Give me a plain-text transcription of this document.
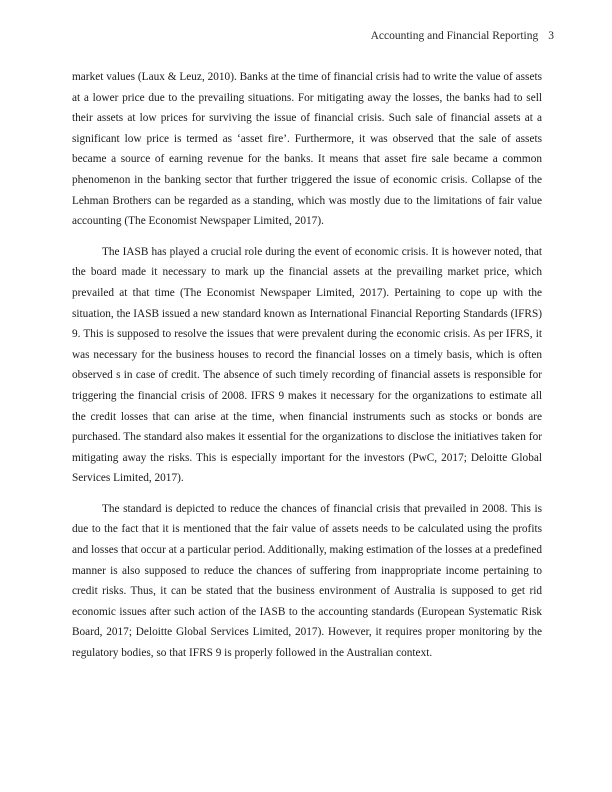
Accounting and Financial Reporting 3

market values (Laux & Leuz, 2010). Banks at the time of financial crisis had to write the value of assets at a lower price due to the prevailing situations. For mitigating away the losses, the banks had to sell their assets at low prices for surviving the issue of financial crisis. Such sale of financial assets at a significant low price is termed as ‘asset fire’. Furthermore, it was observed that the sale of assets became a source of earning revenue for the banks. It means that asset fire sale became a common phenomenon in the banking sector that further triggered the issue of economic crisis. Collapse of the Lehman Brothers can be regarded as a standing, which was mostly due to the limitations of fair value accounting (The Economist Newspaper Limited, 2017).

The IASB has played a crucial role during the event of economic crisis. It is however noted, that the board made it necessary to mark up the financial assets at the prevailing market price, which prevailed at that time (The Economist Newspaper Limited, 2017). Pertaining to cope up with the situation, the IASB issued a new standard known as International Financial Reporting Standards (IFRS) 9. This is supposed to resolve the issues that were prevalent during the economic crisis. As per IFRS, it was necessary for the business houses to record the financial losses on a timely basis, which is often observed s in case of credit. The absence of such timely recording of financial assets is responsible for triggering the financial crisis of 2008. IFRS 9 makes it necessary for the organizations to estimate all the credit losses that can arise at the time, when financial instruments such as stocks or bonds are purchased. The standard also makes it essential for the organizations to disclose the initiatives taken for mitigating away the risks. This is especially important for the investors (PwC, 2017; Deloitte Global Services Limited, 2017).

The standard is depicted to reduce the chances of financial crisis that prevailed in 2008. This is due to the fact that it is mentioned that the fair value of assets needs to be calculated using the profits and losses that occur at a particular period. Additionally, making estimation of the losses at a predefined manner is also supposed to reduce the chances of suffering from inappropriate income pertaining to credit risks. Thus, it can be stated that the business environment of Australia is supposed to get rid economic issues after such action of the IASB to the accounting standards (European Systematic Risk Board, 2017; Deloitte Global Services Limited, 2017). However, it requires proper monitoring by the regulatory bodies, so that IFRS 9 is properly followed in the Australian context.
